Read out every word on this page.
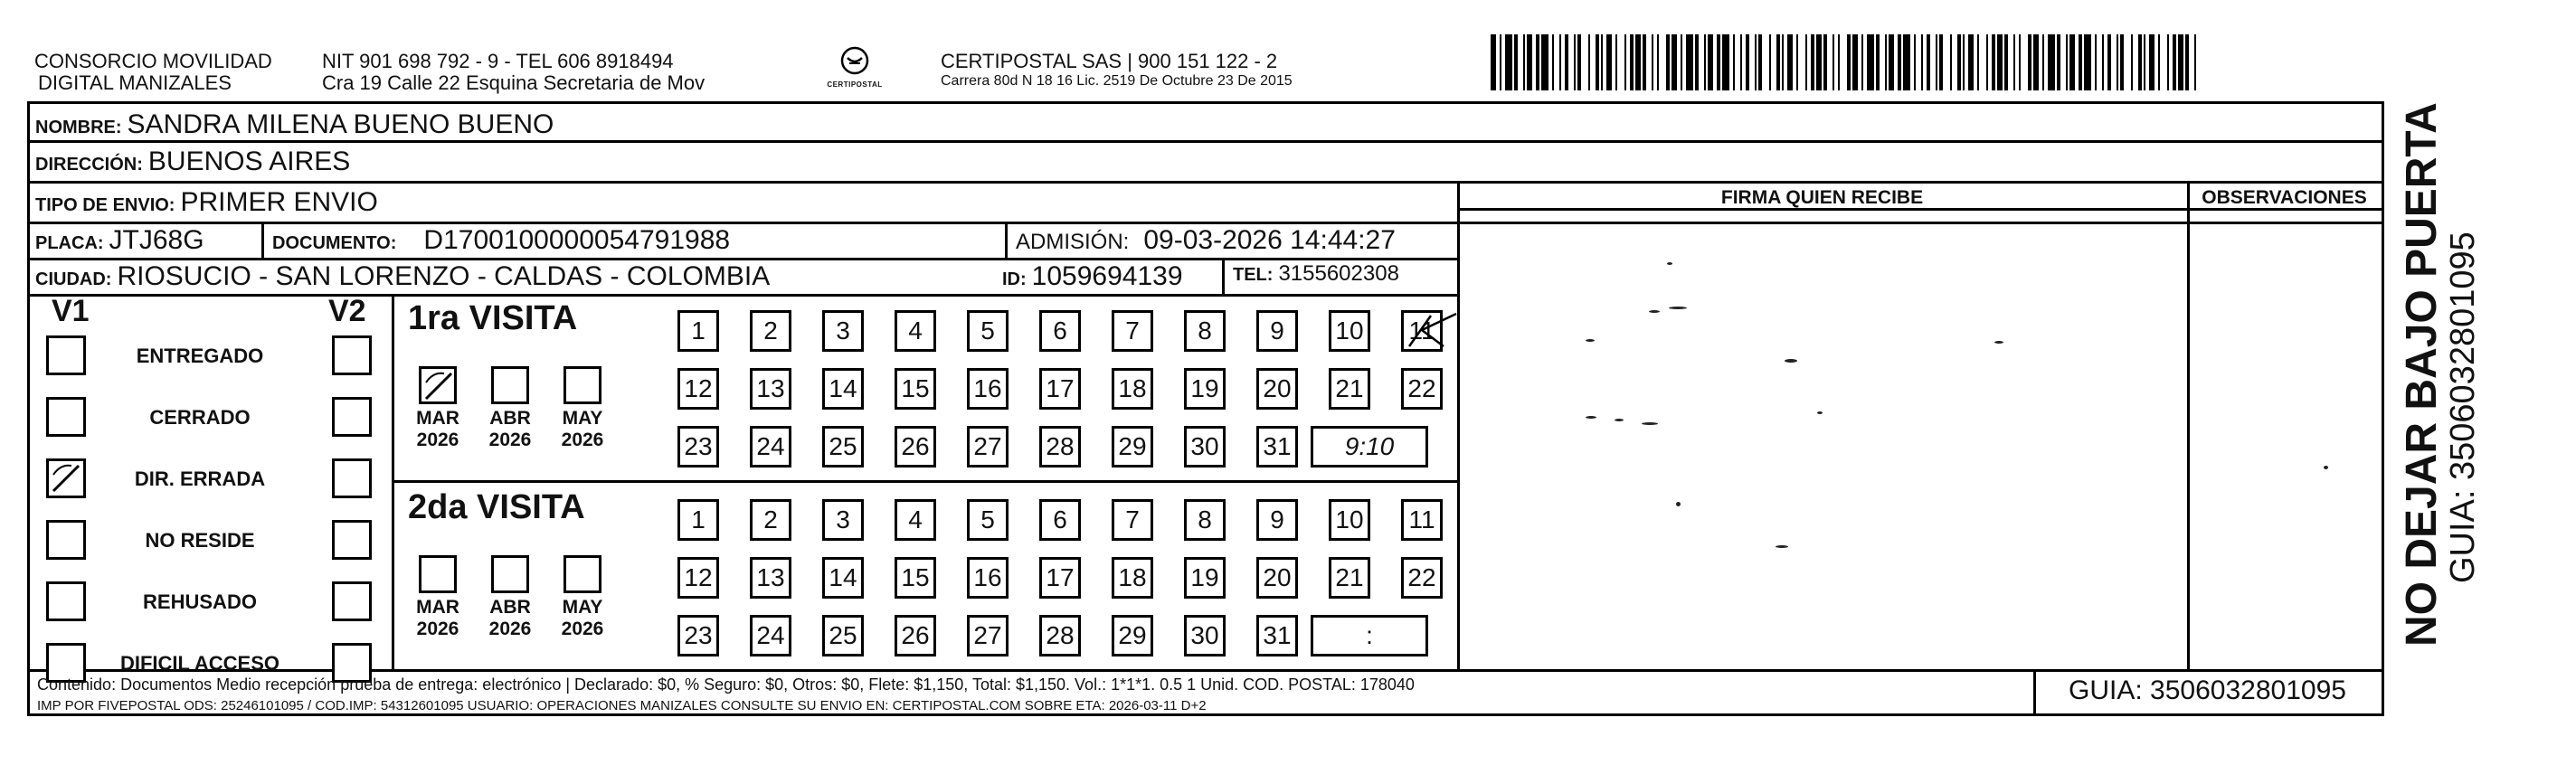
CONSORCIO MOVILIDAD
DIGITAL MANIZALES
NIT 901 698 792 - 9 - TEL 606 8918494
Cra 19 Calle 22 Esquina Secretaria de Mov	CERTIPOSTAL
CERTIPOSTAL SAS | 900 151 122 - 2
Carrera 80d N 18 16 Lic. 2519 De Octubre 23 De 2015
NOMBRE: SANDRA MILENA BUENO BUENO
DIRECCIÓN: BUENOS AIRES
TIPO DE ENVIO: PRIMER ENVIO	FIRMA QUIEN RECIBE	OBSERVACIONES
PLACA: JTJ68G	DOCUMENTO: D1700100000054791988	ADMISIÓN: 09-03-2026 14:44:27
CIUDAD: RIOSUCIO - SAN LORENZO - CALDAS - COLOMBIA	ID: 1059694139	TEL: 3155602308
V1	V2
ENTREGADO
CERRADO
DIR. ERRADA
NO RESIDE
REHUSADO
DIFICIL ACCESO
1ra VISITA
MAR
2026
ABR
2026
MAY
2026
1	2	3	4	5	6	7	8	9	10	11
12 13 14 15 16 17 18 19 20 21 22
23 24 25 26 27 28 29 30 31	9:10
2da VISITA
MAR
2026
ABR
2026
MAY
2026
1	2	3	4	5	6	7	8	9	10	11
12 13 14 15 16 17 18 19 20 21 22
23 24 25 26 27 28 29 30 31	:
Contenido: Documentos Medio recepción prueba de entrega: electrónico | Declarado: $0, % Seguro: $0, Otros: $0, Flete: $1,150, Total: $1,150. Vol.: 1*1*1. 0.5 1 Unid. COD. POSTAL: 178040
IMP POR FIVEPOSTAL ODS: 25246101095 / COD.IMP: 54312601095 USUARIO: OPERACIONES MANIZALES CONSULTE SU ENVIO EN: CERTIPOSTAL.COM SOBRE ETA: 2026-03-11 D+2
GUIA: 3506032801095
NO DEJAR BAJO PUERTA
GUIA: 3506032801095
